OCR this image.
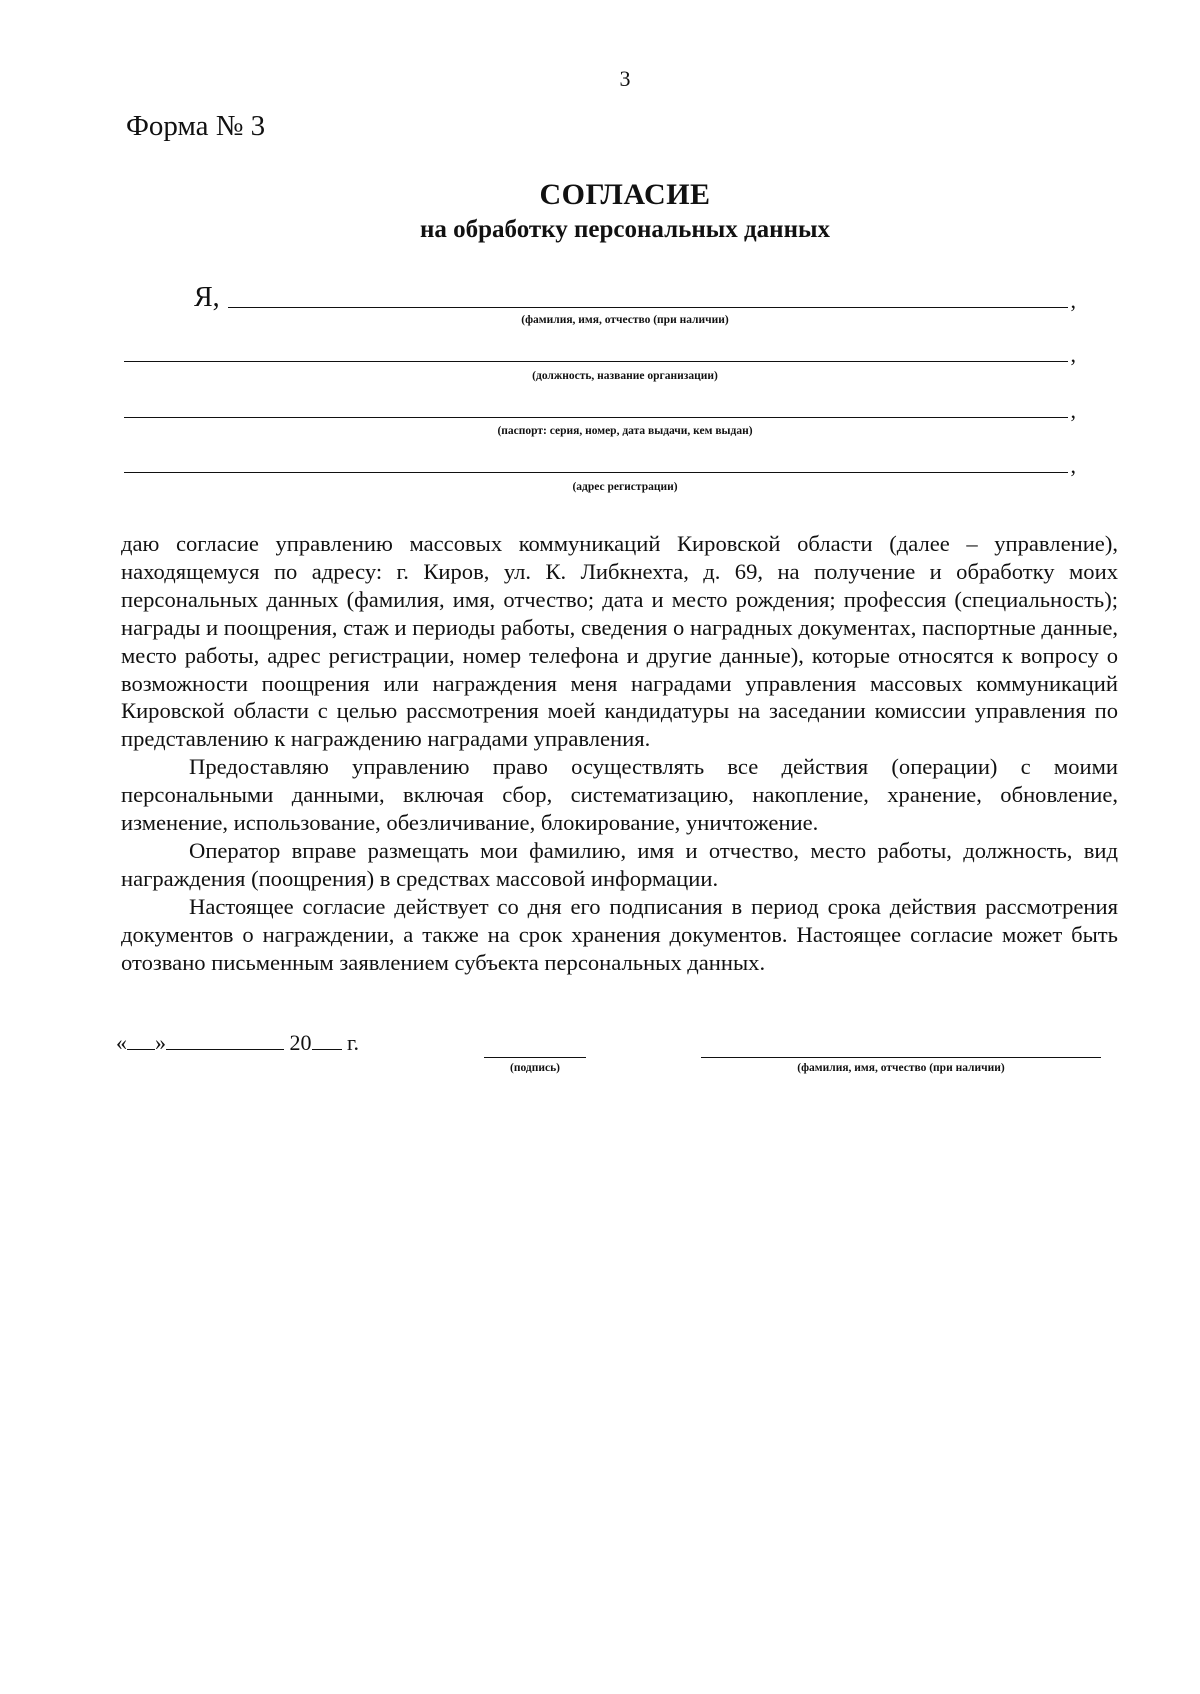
3
Форма № 3
СОГЛАСИЕ
на обработку персональных данных
Я,	,
(фамилия, имя, отчество (при наличии)
,
(должность, название организации)
,
(паспорт: серия, номер, дата выдачи, кем выдан)
,
(адрес регистрации)

даю согласие управлению массовых коммуникаций Кировской области (далее – управление), находящемуся по адресу: г. Киров, ул. К. Либкнехта, д. 69, на получение и обработку моих персональных данных (фамилия, имя, отчество; дата и место рождения; профессия (специальность); награды и поощрения, стаж и периоды работы, сведения о наградных документах, паспортные данные, место работы, адрес регистрации, номер телефона и другие данные), которые относятся к вопросу о возможности поощрения или награждения меня наградами управления массовых коммуникаций Кировской области с целью рассмотрения моей кандидатуры на заседании комиссии управления по представлению к награждению наградами управления.

Предоставляю управлению право осуществлять все действия (операции) с моими персональными данными, включая сбор, систематизацию, накопление, хранение, обновление, изменение, использование, обезличивание, блокирование, уничтожение.

Оператор вправе размещать мои фамилию, имя и отчество, место работы, должность, вид награждения (поощрения) в средствах массовой информации.

Настоящее согласие действует со дня его подписания в период срока действия рассмотрения документов о награждении, а также на срок хранения документов. Настоящее согласие может быть отозвано письменным заявлением субъекта персональных данных.

« »	20 г.
(подпись)	(фамилия, имя, отчество (при наличии)
